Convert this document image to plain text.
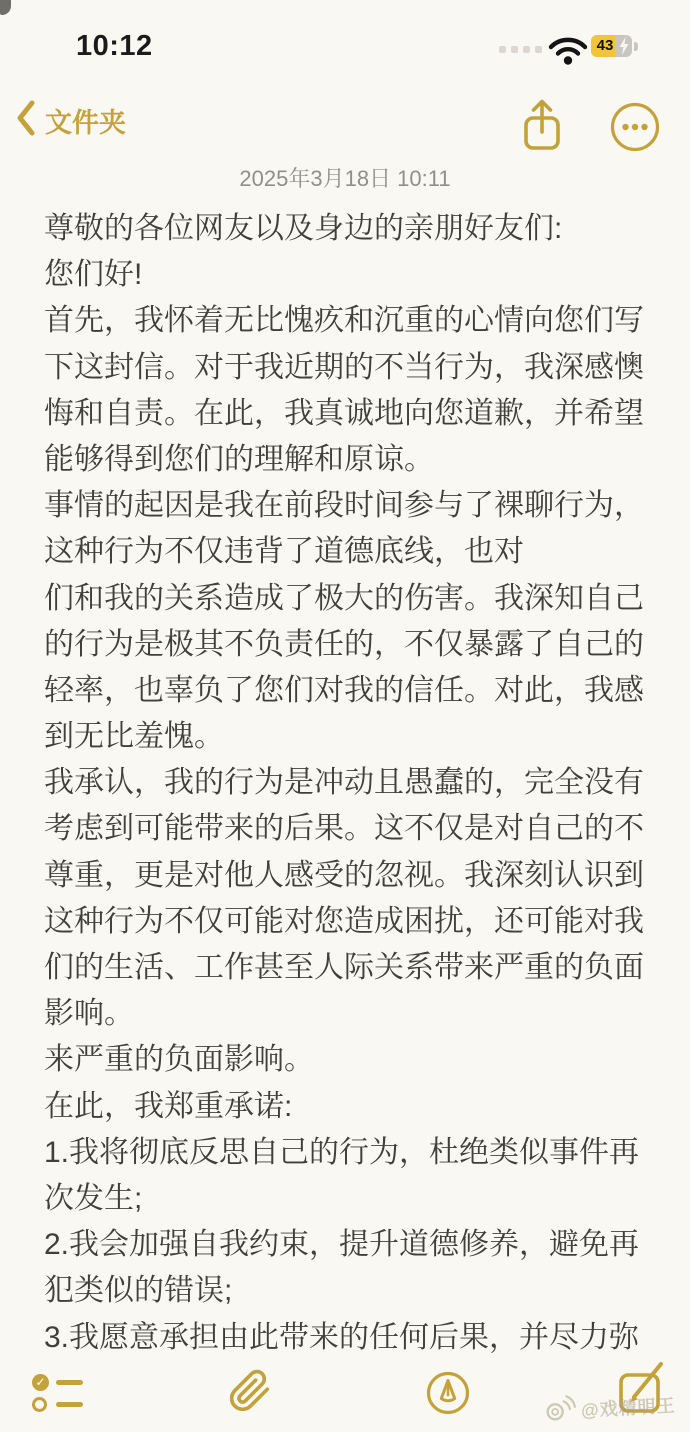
10:12	43
文件夹
2025年3月18日 10:11
尊敬的各位网友以及身边的亲朋好友们:
您们好!
首先，我怀着无比愧疚和沉重的心情向您们写
下这封信。对于我近期的不当行为，我深感懊
悔和自责。在此，我真诚地向您道歉，并希望
能够得到您们的理解和原谅。
事情的起因是我在前段时间参与了裸聊行为，
这种行为不仅违背了道德底线，也对
们和我的关系造成了极大的伤害。我深知自己
的行为是极其不负责任的，不仅暴露了自己的
轻率，也辜负了您们对我的信任。对此，我感
到无比羞愧。
我承认，我的行为是冲动且愚蠢的，完全没有
考虑到可能带来的后果。这不仅是对自己的不
尊重，更是对他人感受的忽视。我深刻认识到
这种行为不仅可能对您造成困扰，还可能对我
们的生活、工作甚至人际关系带来严重的负面
影响。
来严重的负面影响。
在此，我郑重承诺:
1.我将彻底反思自己的行为，杜绝类似事件再
次发生;
2.我会加强自我约束，提升道德修养，避免再
犯类似的错误;
3.我愿意承担由此带来的任何后果，并尽力弥
✓
@戏精明王
